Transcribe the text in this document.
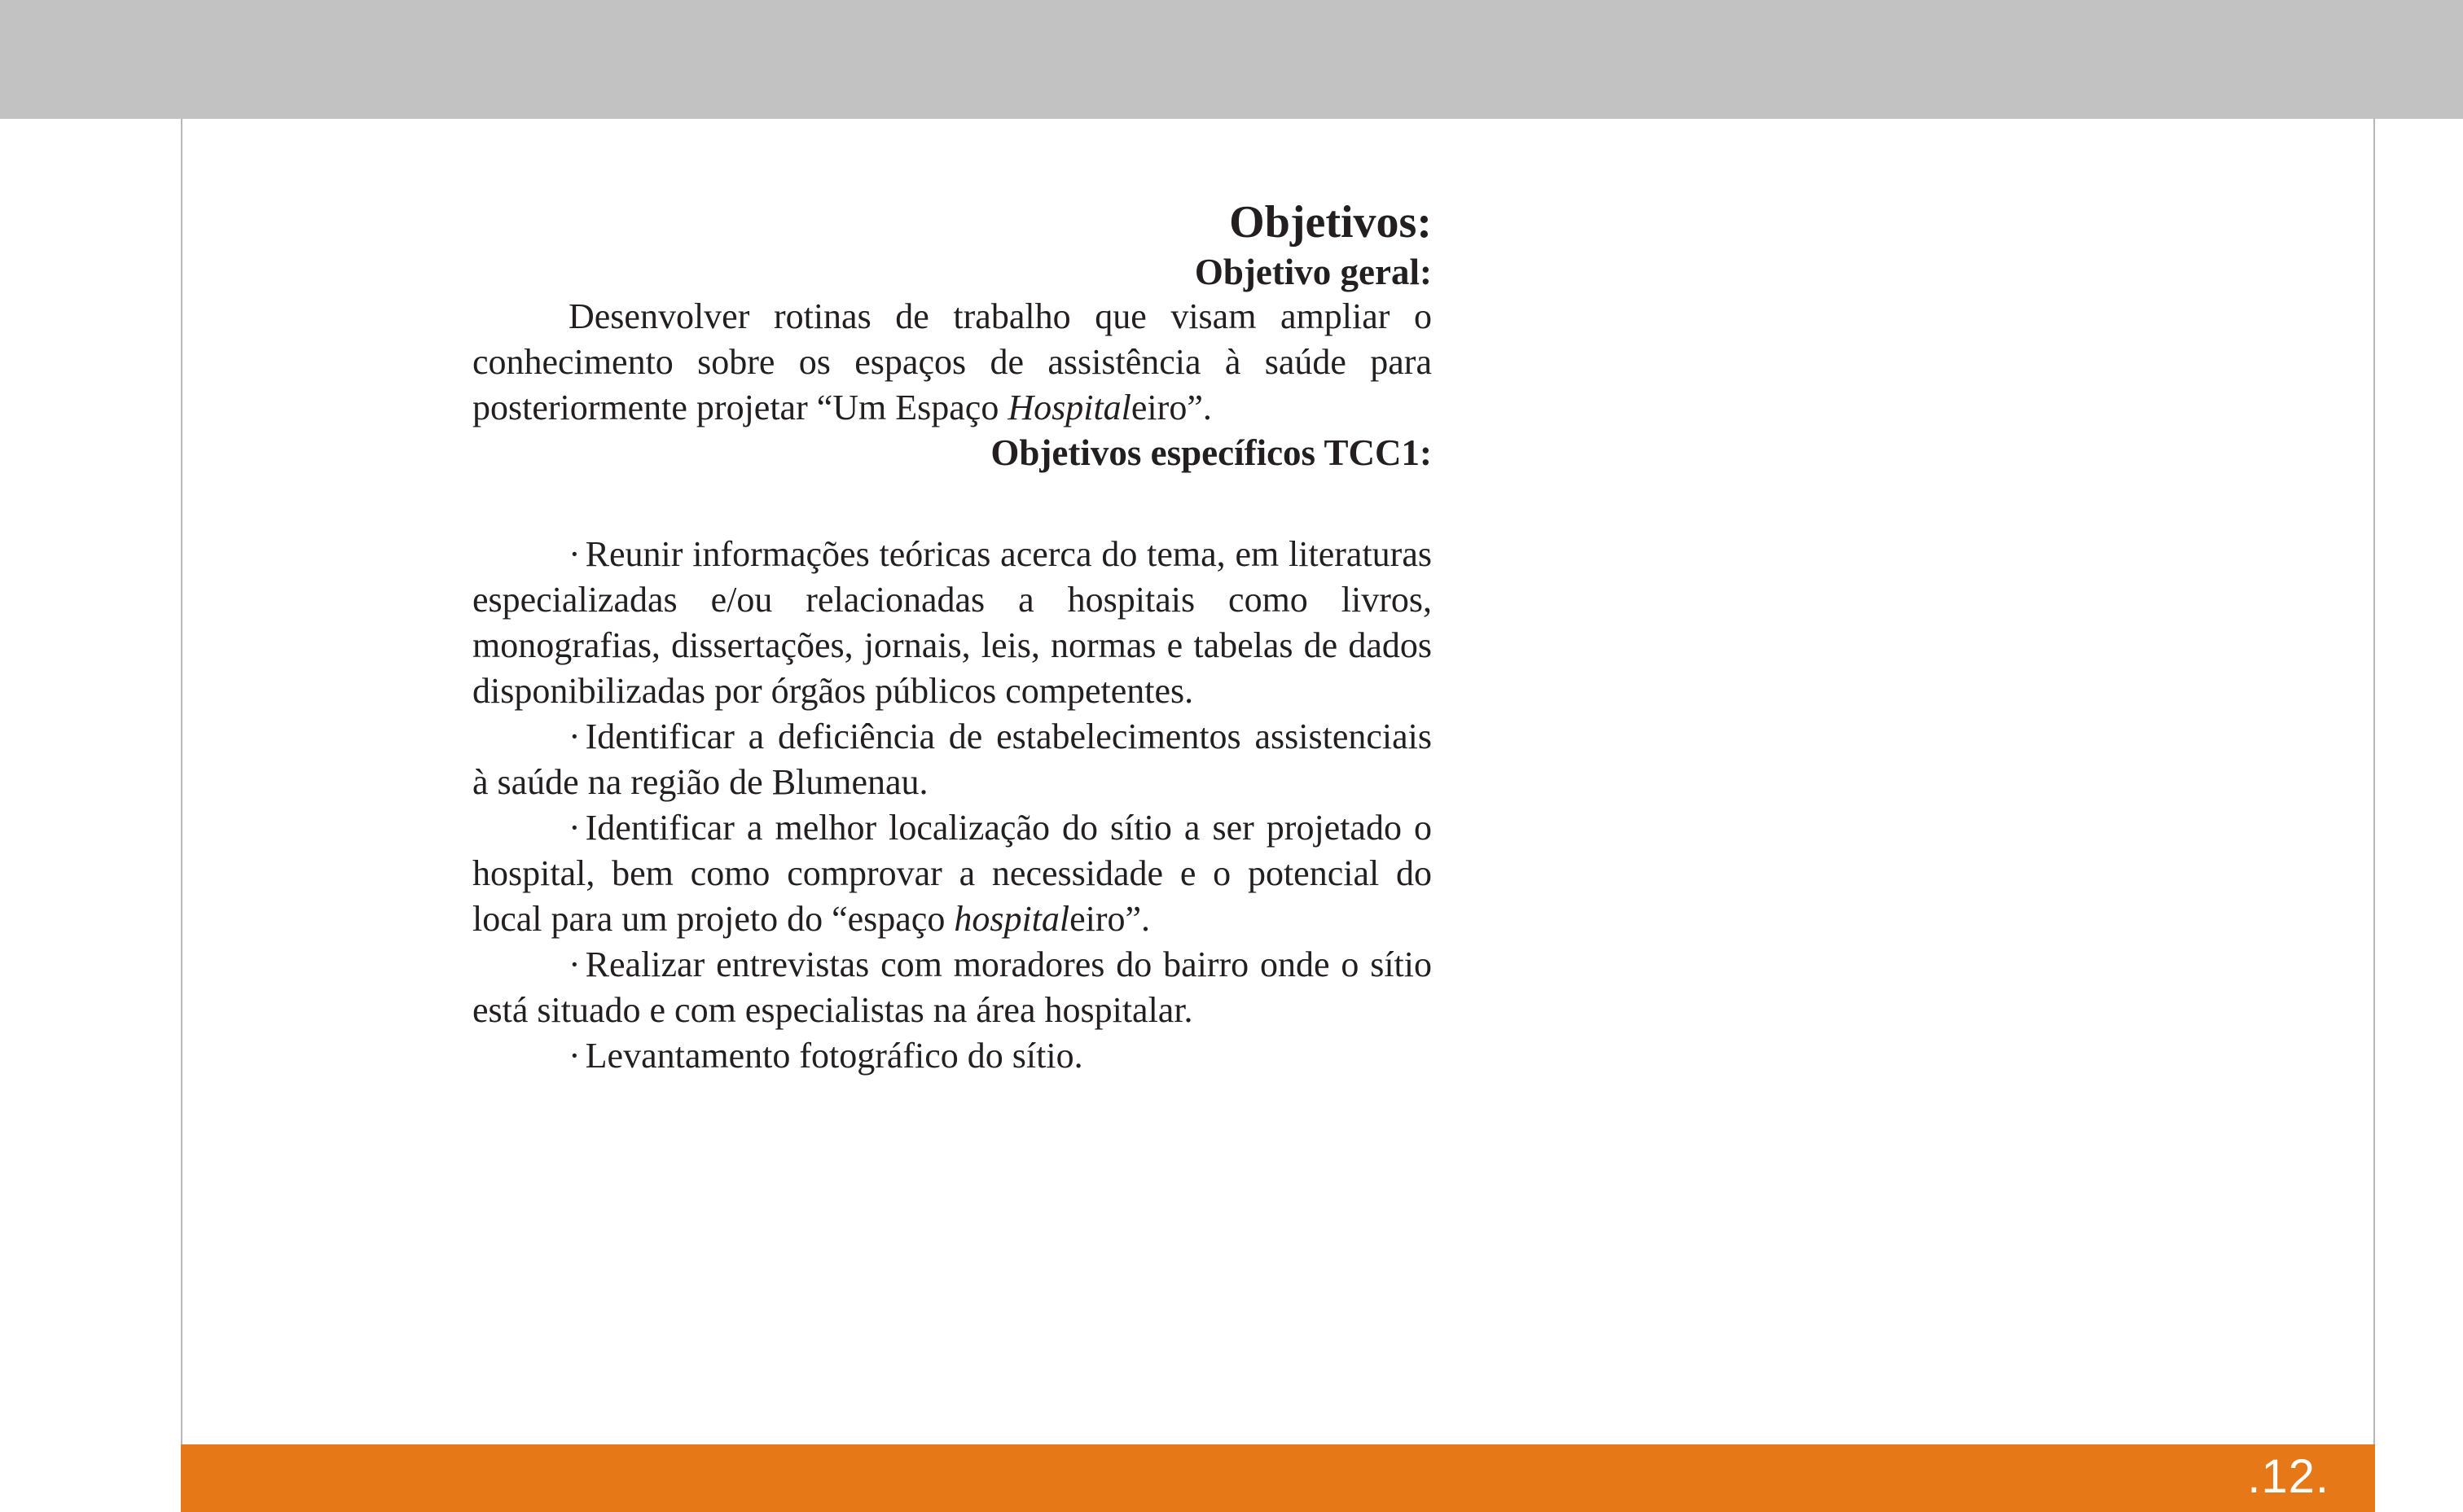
Objetivos:
Objetivo geral:

Desenvolver rotinas de trabalho que visam ampliar o conhecimento sobre os espaços de assistência à saúde para posteriormente projetar “Um Espaço Hospitaleiro”.

Objetivos específicos TCC1:

· Reunir informações teóricas acerca do tema, em literaturas especializadas e/ou relacionadas a hospitais como livros, monografias, dissertações, jornais, leis, normas e tabelas de dados disponibilizadas por órgãos públicos competentes.

· Identificar a deficiência de estabelecimentos assistenciais à saúde na região de Blumenau.

· Identificar a melhor localização do sítio a ser projetado o hospital, bem como comprovar a necessidade e o potencial do local para um projeto do “espaço hospitaleiro”.

· Realizar entrevistas com moradores do bairro onde o sítio está situado e com especialistas na área hospitalar.

· Levantamento fotográfico do sítio.

.12.
